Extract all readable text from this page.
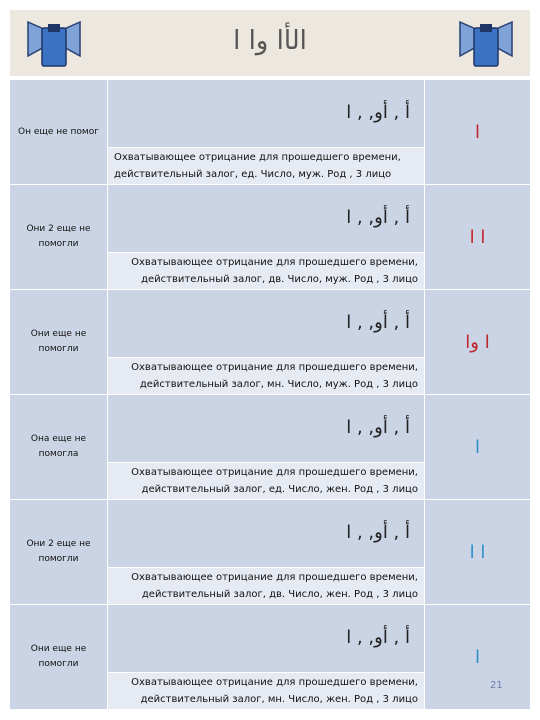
الأا وا ا
Он еще не помог
أ , أو, , ا
Охватывающее отрицание для прошедшего времени, действительный залог, ед. Число, муж. Род , 3 лицо
ا
Они 2 еще не помогли
أ , أو, , ا
Охватывающее отрицание для прошедшего времени, действительный залог, дв. Число, муж. Род , 3 лицо
ا ا
Они еще не помогли
أ , أو, , ا
Охватывающее отрицание для прошедшего времени, действительный залог, мн. Число, муж. Род , 3 лицо
ا وا
Она еще не помогла
أ , أو, , ا
Охватывающее отрицание для прошедшего времени, действительный залог, ед. Число, жен. Род , 3 лицо
ا
Они 2 еще не помогли
أ , أو, , ا
Охватывающее отрицание для прошедшего времени, действительный залог, дв. Число, жен. Род , 3 лицо
ا ا
Они еще не помогли
أ , أو, , ا
Охватывающее отрицание для прошедшего времени, действительный залог, мн. Число, жен. Род , 3 лицо
ا
21
